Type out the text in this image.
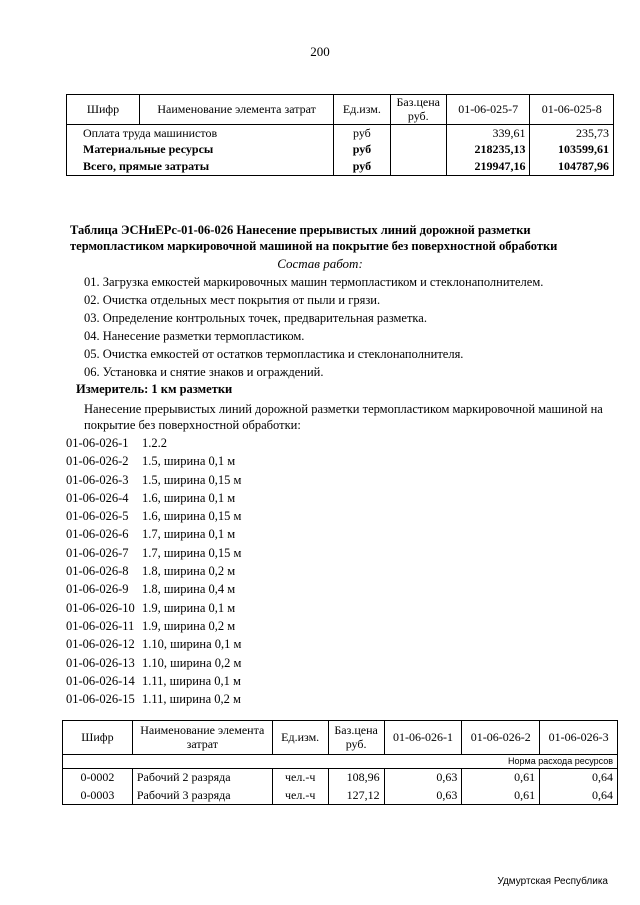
200
Шифр	Наименование элемента затрат	Ед.изм.	Баз.цена руб.	01-06-025-7	01-06-025-8
Оплата труда машинистов		руб		339,61	235,73
Материальные ресурсы		руб		218235,13	103599,61
Всего, прямые затраты		руб		219947,16	104787,96
Таблица ЭСНиЕРс-01-06-026 Нанесение прерывистых линий дорожной разметки
термопластиком маркировочной машиной на покрытие без поверхностной обработки
Состав работ:
01. Загрузка емкостей маркировочных машин термопластиком и стеклонаполнителем.
02. Очистка отдельных мест покрытия от пыли и грязи.
03. Определение контрольных точек, предварительная разметка.
04. Нанесение разметки термопластиком.
05. Очистка емкостей от остатков термопластика и стеклонаполнителя.
06. Установка и снятие знаков и ограждений.
Измеритель: 1 км разметки
Нанесение прерывистых линий дорожной разметки термопластиком маркировочной машиной на покрытие без поверхностной обработки:
01-06-026-1 1.2.2
01-06-026-2 1.5, ширина 0,1 м
01-06-026-3 1.5, ширина 0,15 м
01-06-026-4 1.6, ширина 0,1 м
01-06-026-5 1.6, ширина 0,15 м
01-06-026-6 1.7, ширина 0,1 м
01-06-026-7 1.7, ширина 0,15 м
01-06-026-8 1.8, ширина 0,2 м
01-06-026-9 1.8, ширина 0,4 м
01-06-026-10 1.9, ширина 0,1 м
01-06-026-11 1.9, ширина 0,2 м
01-06-026-12 1.10, ширина 0,1 м
01-06-026-13 1.10, ширина 0,2 м
01-06-026-14 1.11, ширина 0,1 м
01-06-026-15 1.11, ширина 0,2 м
Шифр	Наименование элемента затрат	Ед.изм.	Баз.цена руб.	01-06-026-1	01-06-026-2	01-06-026-3
Норма расхода ресурсов						
0-0002	Рабочий 2 разряда	чел.-ч	108,96	0,63	0,61	0,64
0-0003	Рабочий 3 разряда	чел.-ч	127,12	0,63	0,61	0,64
Удмуртская Республика
